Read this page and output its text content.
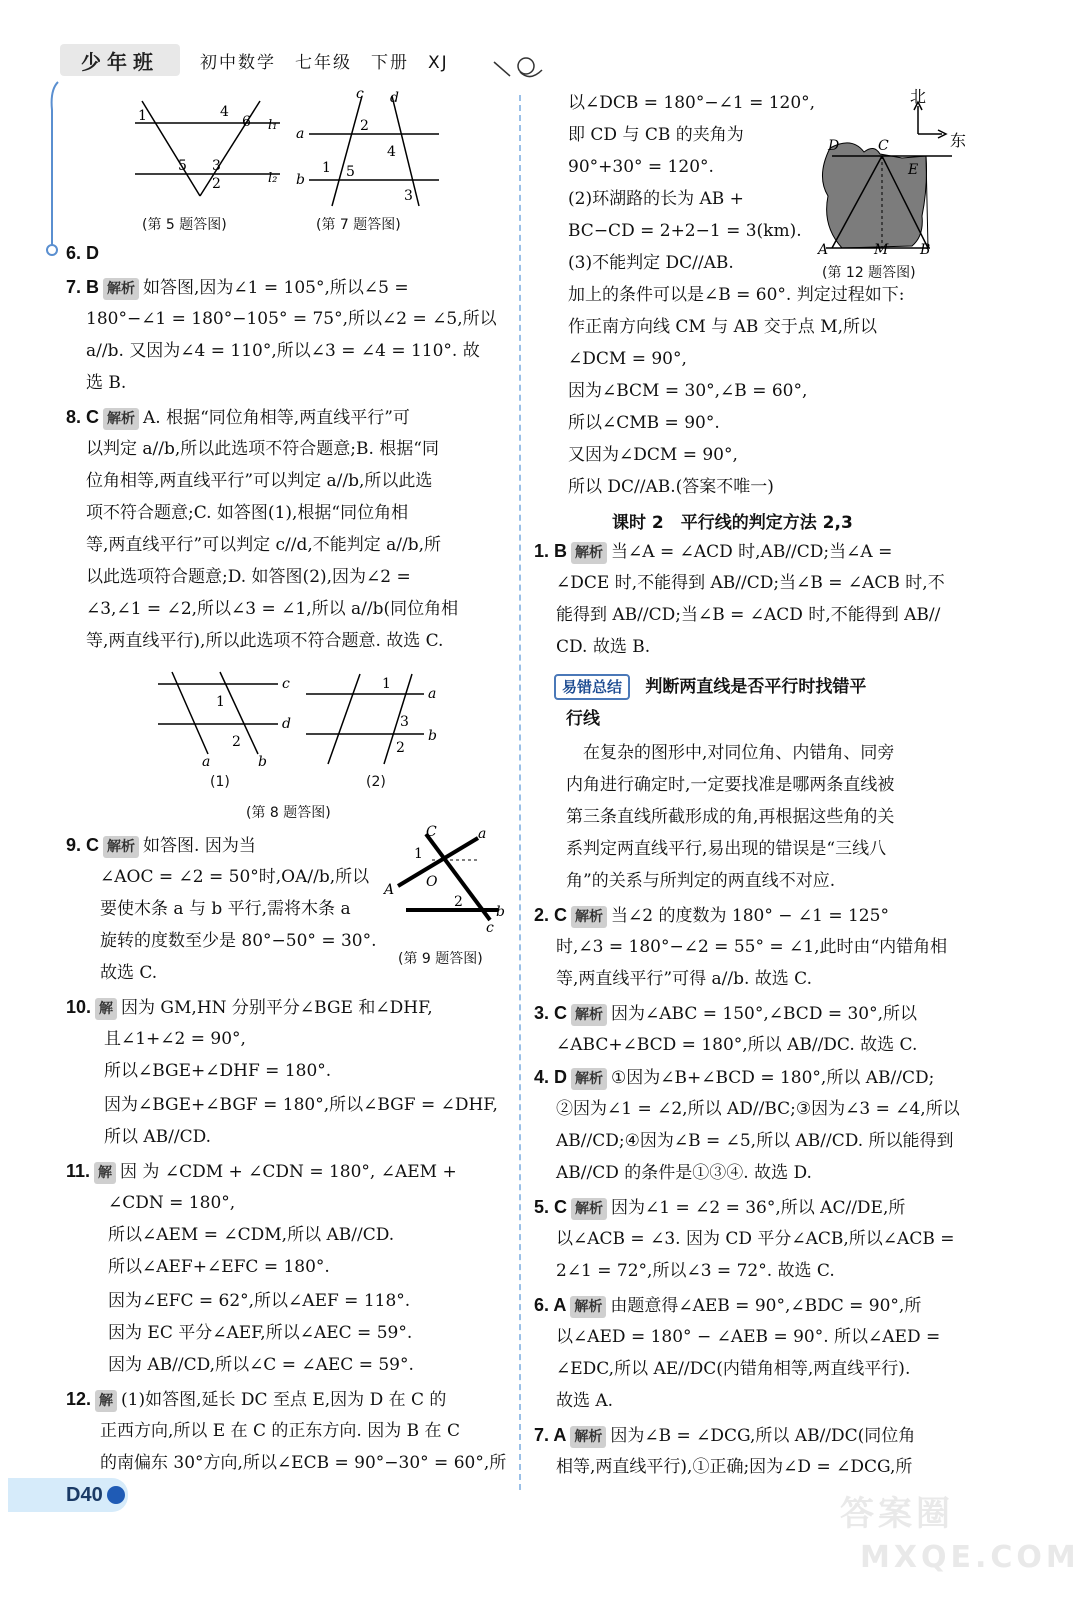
少年班	初中数学　七年级　下册　XJ
1	4
6
5 3
2
l₁
l₂
(第 5 题答图)
c d
a
b
2
4
1 5
3
(第 7 题答图)
6. D
7. B 解析 如答图,因为∠1 = 105°,所以∠5 =
180°−∠1 = 180°−105° = 75°,所以∠2 = ∠5,所以
a//b. 又因为∠4 = 110°,所以∠3 = ∠4 = 110°. 故
选 B.
8. C 解析 A. 根据“同位角相等,两直线平行”可
以判定 a//b,所以此选项不符合题意;B. 根据“同
位角相等,两直线平行”可以判定 a//b,所以此选
项不符合题意;C. 如答图(1),根据“同位角相
等,两直线平行”可以判定 c//d,不能判定 a//b,所
以此选项符合题意;D. 如答图(2),因为∠2 =
∠3,∠1 = ∠2,所以∠3 = ∠1,所以 a//b(同位角相
等,两直线平行),所以此选项不符合题意. 故选 C.
c
d
a	b
1
2
(1)
a
b
1
3
2
(2)
(第 8 题答图)
9. C 解析 如答图. 因为当
∠AOC = ∠2 = 50°时,OA//b,所以
要使木条 a 与 b 平行,需将木条 a
旋转的度数至少是 80°−50° = 30°.
故选 C.
C	a
A O
1
2
b
c
(第 9 题答图)
10. 解 因为 GM,HN 分别平分∠BGE 和∠DHF,
且∠1+∠2 = 90°,
所以∠BGE+∠DHF = 180°.
因为∠BGE+∠BGF = 180°,所以∠BGF = ∠DHF,
所以 AB//CD.
11. 解 因 为 ∠CDM + ∠CDN = 180°, ∠AEM +
∠CDN = 180°,
所以∠AEM = ∠CDM,所以 AB//CD.
所以∠AEF+∠EFC = 180°.
因为∠EFC = 62°,所以∠AEF = 118°.
因为 EC 平分∠AEF,所以∠AEC = 59°.
因为 AB//CD,所以∠C = ∠AEC = 59°.
12. 解 (1)如答图,延长 DC 至点 E,因为 D 在 C 的
正西方向,所以 E 在 C 的正东方向. 因为 B 在 C
的南偏东 30°方向,所以∠ECB = 90°−30° = 60°,所
以∠DCB = 180°−∠1 = 120°,
即 CD 与 CB 的夹角为
90°+30° = 120°.
(2)环湖路的长为 AB +
BC−CD = 2+2−1 = 3(km).
(3)不能判定 DC//AB.
加上的条件可以是∠B = 60°. 判定过程如下:
作正南方向线 CM 与 AB 交于点 M,所以
∠DCM = 90°,
因为∠BCM = 30°,∠B = 60°,
所以∠CMB = 90°.
又因为∠DCM = 90°,
所以 DC//AB.(答案不唯一)
D	C
E
A	M B
北
东
(第 12 题答图)
课时 2　平行线的判定方法 2,3
1. B 解析 当∠A = ∠ACD 时,AB//CD;当∠A =
∠DCE 时,不能得到 AB//CD;当∠B = ∠ACB 时,不
能得到 AB//CD;当∠B = ∠ACD 时,不能得到 AB//
CD. 故选 B.
易错总结 判断两直线是否平行时找错平
行线
　在复杂的图形中,对同位角、内错角、同旁
内角进行确定时,一定要找准是哪两条直线被
第三条直线所截形成的角,再根据这些角的关
系判定两直线平行,易出现的错误是“三线八
角”的关系与所判定的两直线不对应.
2. C 解析 当∠2 的度数为 180° − ∠1 = 125°
时,∠3 = 180°−∠2 = 55° = ∠1,此时由“内错角相
等,两直线平行”可得 a//b. 故选 C.
3. C 解析 因为∠ABC = 150°,∠BCD = 30°,所以
∠ABC+∠BCD = 180°,所以 AB//DC. 故选 C.
4. D 解析 ①因为∠B+∠BCD = 180°,所以 AB//CD;
②因为∠1 = ∠2,所以 AD//BC;③因为∠3 = ∠4,所以
AB//CD;④因为∠B = ∠5,所以 AB//CD. 所以能得到
AB//CD 的条件是①③④. 故选 D.
5. C 解析 因为∠1 = ∠2 = 36°,所以 AC//DE,所
以∠ACB = ∠3. 因为 CD 平分∠ACB,所以∠ACB =
2∠1 = 72°,所以∠3 = 72°. 故选 C.
6. A 解析 由题意得∠AEB = 90°,∠BDC = 90°,所
以∠AED = 180° − ∠AEB = 90°. 所以∠AED =
∠EDC,所以 AE//DC(内错角相等,两直线平行).
故选 A.
7. A 解析 因为∠B = ∠DCG,所以 AB//DC(同位角
相等,两直线平行),①正确;因为∠D = ∠DCG,所
D40	答案圈
MXQE.COM
